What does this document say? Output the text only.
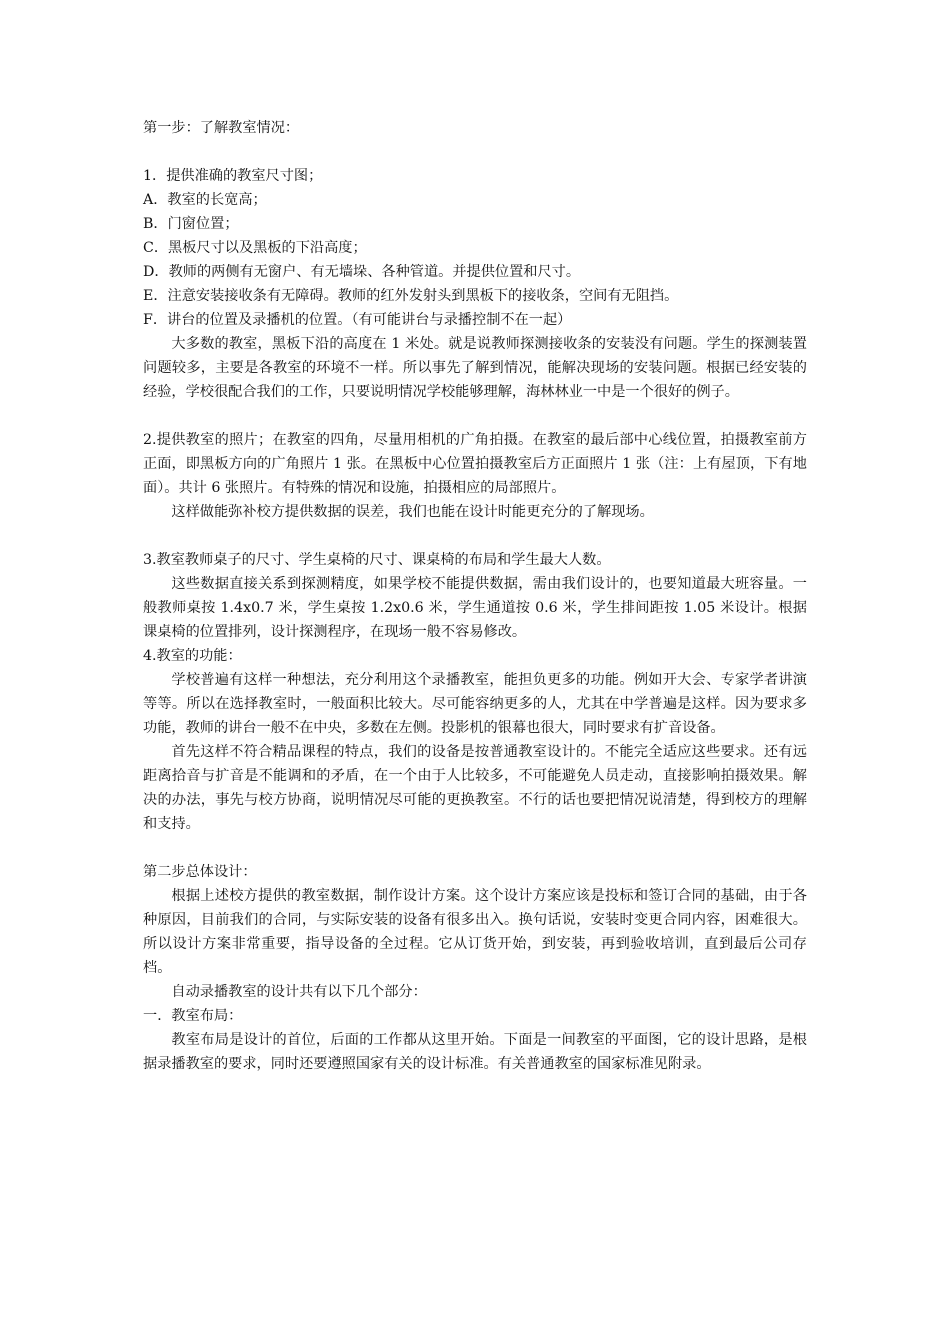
第一步：了解教室情况：
1．提供准确的教室尺寸图；
A．教室的长宽高；
B．门窗位置；
C．黑板尺寸以及黑板的下沿高度；
D．教师的两侧有无窗户、有无墙垛、各种管道。并提供位置和尺寸。
E．注意安装接收条有无障碍。教师的红外发射头到黑板下的接收条，空间有无阻挡。
F．讲台的位置及录播机的位置。（有可能讲台与录播控制不在一起）
大多数的教室，黑板下沿的高度在 1 米处。就是说教师探测接收条的安装没有问题。学生的探测装置问题较多，主要是各教室的环境不一样。所以事先了解到情况，能解决现场的安装问题。根据已经安装的经验，学校很配合我们的工作，只要说明情况学校能够理解，海林林业一中是一个很好的例子。
2.提供教室的照片；在教室的四角，尽量用相机的广角拍摄。在教室的最后部中心线位置，拍摄教室前方正面，即黑板方向的广角照片 1 张。在黑板中心位置拍摄教室后方正面照片 1 张（注：上有屋顶，下有地面）。共计 6 张照片。有特殊的情况和设施，拍摄相应的局部照片。
这样做能弥补校方提供数据的误差，我们也能在设计时能更充分的了解现场。
3.教室教师桌子的尺寸、学生桌椅的尺寸、课桌椅的布局和学生最大人数。
这些数据直接关系到探测精度，如果学校不能提供数据，需由我们设计的，也要知道最大班容量。一般教师桌按 1.4x0.7 米，学生桌按 1.2x0.6 米，学生通道按 0.6 米，学生排间距按 1.05 米设计。根据课桌椅的位置排列，设计探测程序，在现场一般不容易修改。
4.教室的功能：
学校普遍有这样一种想法，充分利用这个录播教室，能担负更多的功能。例如开大会、专家学者讲演等等。所以在选择教室时，一般面积比较大。尽可能容纳更多的人，尤其在中学普遍是这样。因为要求多功能，教师的讲台一般不在中央，多数在左侧。投影机的银幕也很大，同时要求有扩音设备。
首先这样不符合精品课程的特点，我们的设备是按普通教室设计的。不能完全适应这些要求。还有远距离拾音与扩音是不能调和的矛盾，在一个由于人比较多，不可能避免人员走动，直接影响拍摄效果。解决的办法，事先与校方协商，说明情况尽可能的更换教室。不行的话也要把情况说清楚，得到校方的理解和支持。
第二步总体设计：
根据上述校方提供的教室数据，制作设计方案。这个设计方案应该是投标和签订合同的基础，由于各种原因，目前我们的合同，与实际安装的设备有很多出入。换句话说，安装时变更合同内容，困难很大。所以设计方案非常重要，指导设备的全过程。它从订货开始，到安装，再到验收培训，直到最后公司存档。
自动录播教室的设计共有以下几个部分：
一．教室布局：
教室布局是设计的首位，后面的工作都从这里开始。下面是一间教室的平面图，它的设计思路，是根据录播教室的要求，同时还要遵照国家有关的设计标准。有关普通教室的国家标准见附录。
